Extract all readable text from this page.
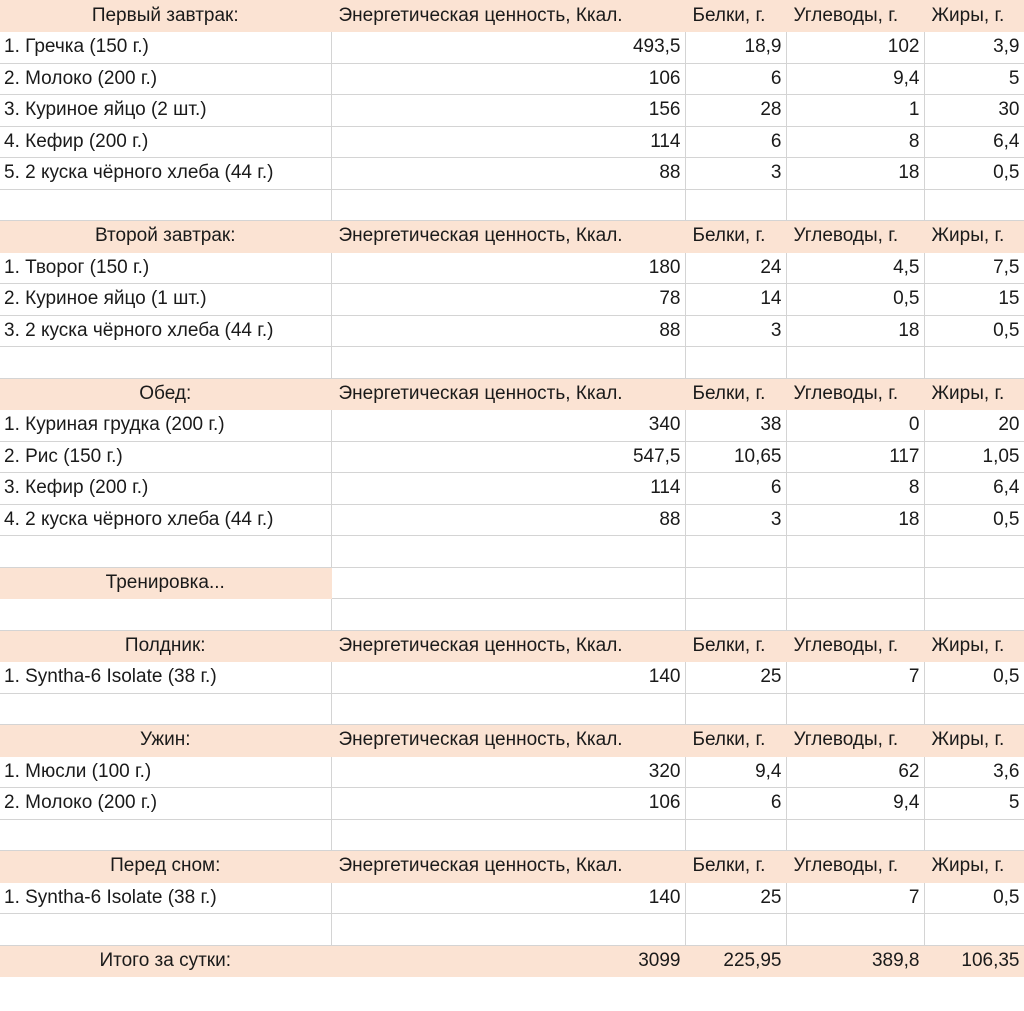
Первый завтрак:	Энергетическая ценность, Ккал.	Белки, г.	Углеводы, г.	Жиры, г.
1. Гречка (150 г.)	493,5	18,9	102	3,9
2. Молоко (200 г.)	106	6	9,4	5
3. Куриное яйцо (2 шт.)	156	28	1	30
4. Кефир (200 г.)	114	6	8	6,4
5. 2 куска чёрного хлеба (44 г.)	88	3	18	0,5

Второй завтрак:	Энергетическая ценность, Ккал.	Белки, г.	Углеводы, г.	Жиры, г.
1. Творог (150 г.)	180	24	4,5	7,5
2. Куриное яйцо (1 шт.)	78	14	0,5	15
3. 2 куска чёрного хлеба (44 г.)	88	3	18	0,5

Обед:	Энергетическая ценность, Ккал.	Белки, г.	Углеводы, г.	Жиры, г.
1. Куриная грудка (200 г.)	340	38	0	20
2. Рис (150 г.)	547,5	10,65	117	1,05
3. Кефир (200 г.)	114	6	8	6,4
4. 2 куска чёрного хлеба (44 г.)	88	3	18	0,5

Тренировка...				

Полдник:	Энергетическая ценность, Ккал.	Белки, г.	Углеводы, г.	Жиры, г.
1. Syntha-6 Isolate (38 г.)	140	25	7	0,5

Ужин:	Энергетическая ценность, Ккал.	Белки, г.	Углеводы, г.	Жиры, г.
1. Мюсли (100 г.)	320	9,4	62	3,6
2. Молоко (200 г.)	106	6	9,4	5

Перед сном:	Энергетическая ценность, Ккал.	Белки, г.	Углеводы, г.	Жиры, г.
1. Syntha-6 Isolate (38 г.)	140	25	7	0,5

Итого за сутки:	3099	225,95	389,8	106,35
